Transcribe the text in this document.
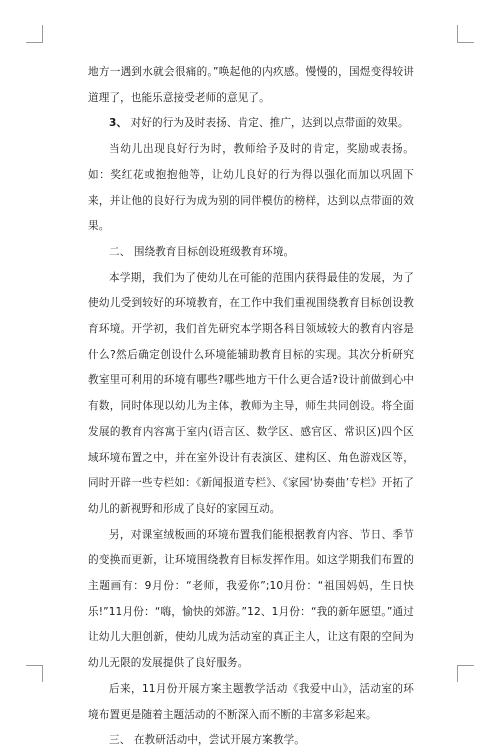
地方一遇到水就会很痛的。”唤起他的内疚感。慢慢的，国煜变得较讲道理了，也能乐意接受老师的意见了。

3、 对好的行为及时表扬、肯定、推广，达到以点带面的效果。

当幼儿出现良好行为时，教师给予及时的肯定，奖励或表扬。如：奖红花或抱抱他等，让幼儿良好的行为得以强化而加以巩固下来，并让他的良好行为成为别的同伴模仿的榜样，达到以点带面的效果。

二、 围绕教育目标创设班级教育环境。

本学期，我们为了使幼儿在可能的范围内获得最佳的发展，为了使幼儿受到较好的环境教育，在工作中我们重视围绕教育目标创设教育环境。开学初，我们首先研究本学期各科目领域较大的教育内容是什么?然后确定创设什么环境能辅助教育目标的实现。其次分析研究教室里可利用的环境有哪些?哪些地方干什么更合适?设计前做到心中有数，同时体现以幼儿为主体，教师为主导，师生共同创设。将全面发展的教育内容寓于室内(语言区、数学区、感官区、常识区)四个区域环境布置之中，并在室外设计有表演区、建构区、角色游戏区等，同时开辟一些专栏如：《新闻报道专栏》、《家园‘协奏曲’专栏》开拓了幼儿的新视野和形成了良好的家园互动。

另，对课室绒板画的环境布置我们能根据教育内容、节日、季节的变换而更新，让环境围绕教育目标发挥作用。如这学期我们布置的主题画有：9月份：“老师，我爱你”;10月份：“祖国妈妈，生日快乐!”11月份：“嗨，愉快的郊游。”12、1月份：“我的新年愿望。”通过让幼儿大胆创新，使幼儿成为活动室的真正主人，让这有限的空间为幼儿无限的发展提供了良好服务。

后来，11月份开展方案主题教学活动《我爱中山》，活动室的环境布置更是随着主题活动的不断深入而不断的丰富多彩起来。

三、 在教研活动中，尝试开展方案教学。
